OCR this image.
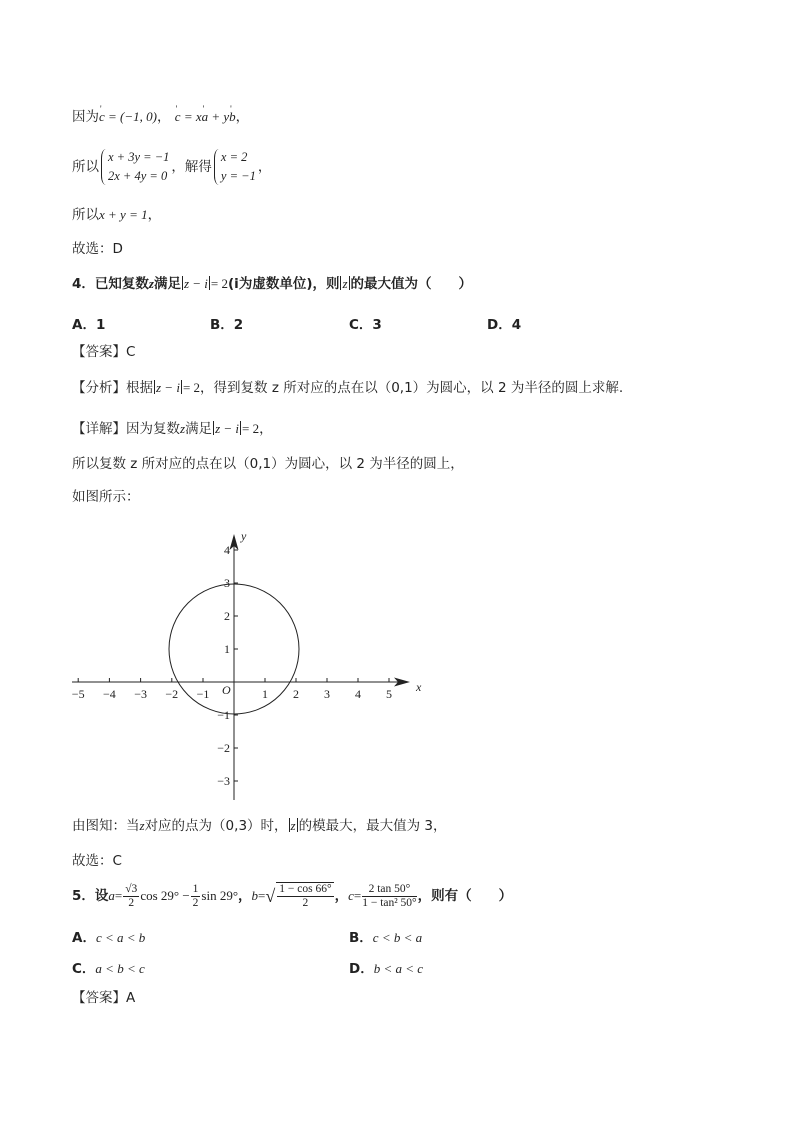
因为' c = (−1, 0)， ' c = x' a + y' b，
所以
x + 3y = −1
2x + 4y = 0
，解得
x = 2
y = −1
，
所以x + y = 1，
故选：D
4．已知复数z满足 z − i = 2(i为虚数单位)，则 z 的最大值为（　　）
A．1	B．2	C．3	D．4
【答案】C
【分析】根据 z − i = 2，得到复数 z 所对应的点在以（0,1）为圆心，以 2 为半径的圆上求解.
【详解】因为复数z满足 z − i = 2，
所以复数 z 所对应的点在以（0,1）为圆心，以 2 为半径的圆上，
如图所示：
−5 −4 −3 −2 −1	1 2 3 4 5
4
3
2
1
−1
−2
−3
O
y
x
由图知：当z对应的点为（0,3）时， z 的模最大，最大值为 3，
故选：C
5．设$a= \frac{√3}{2}$ $\cos 29^\circ - \frac{1}{2}$ sin 29°，$b=√ \frac{1 - \cos 66^\circ}{2}$ ，$c= \frac{2 \tan 50^\circ}{\text{1 − tan² 50°}}$ ，则有（　　）
A．c < a < b	B．c < b < a
C．a < b < c	D．b < a < c
【答案】A
